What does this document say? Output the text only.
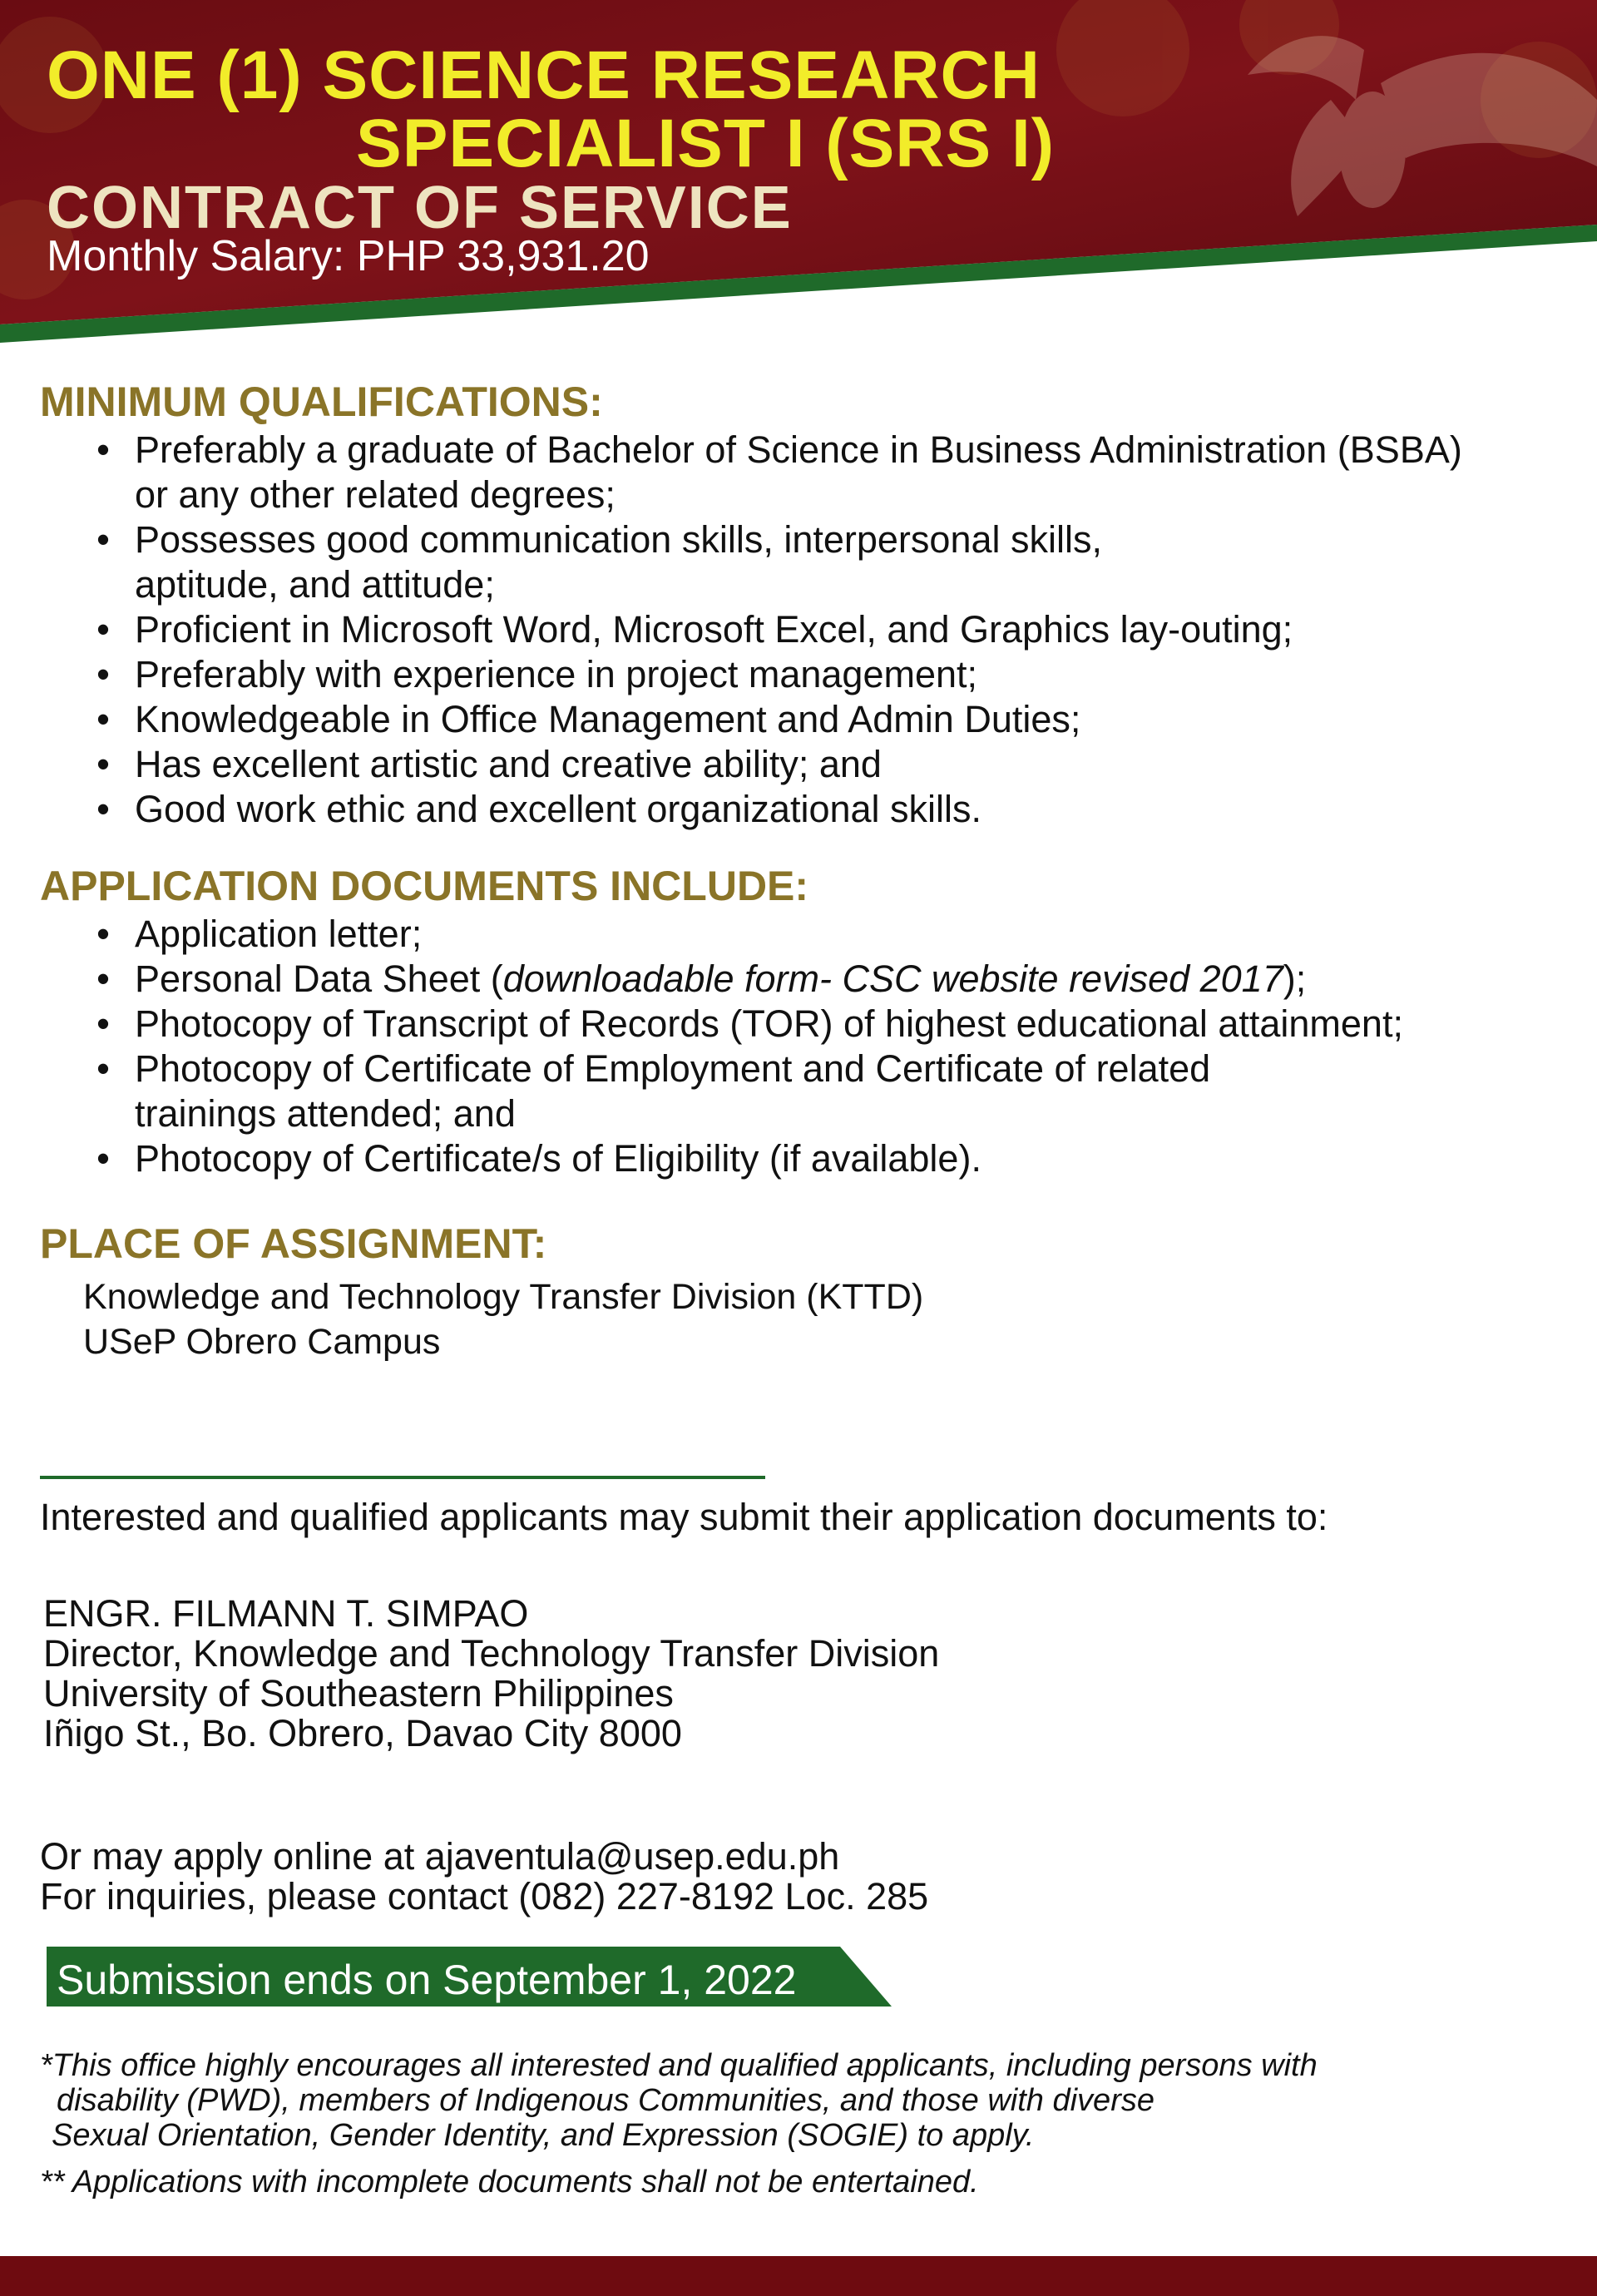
ONE (1) SCIENCE RESEARCH
SPECIALIST I (SRS I)
CONTRACT OF SERVICE
Monthly Salary: PHP 33,931.20
MINIMUM QUALIFICATIONS:
• Preferably a graduate of Bachelor of Science in Business Administration (BSBA) or any other related degrees;
• Possesses good communication skills, interpersonal skills, aptitude, and attitude;
• Proficient in Microsoft Word, Microsoft Excel, and Graphics lay-outing;
• Preferably with experience in project management;
• Knowledgeable in Office Management and Admin Duties;
• Has excellent artistic and creative ability; and
• Good work ethic and excellent organizational skills.
APPLICATION DOCUMENTS INCLUDE:
• Application letter;
• Personal Data Sheet (downloadable form- CSC website revised 2017);
• Photocopy of Transcript of Records (TOR) of highest educational attainment;
• Photocopy of Certificate of Employment and Certificate of related trainings attended; and
• Photocopy of Certificate/s of Eligibility (if available).
PLACE OF ASSIGNMENT:
Knowledge and Technology Transfer Division (KTTD)
USeP Obrero Campus
Interested and qualified applicants may submit their application documents to:
ENGR. FILMANN T. SIMPAO
Director, Knowledge and Technology Transfer Division
University of Southeastern Philippines
Iñigo St., Bo. Obrero, Davao City 8000
Or may apply online at ajaventula@usep.edu.ph
For inquiries, please contact (082) 227-8192 Loc. 285
Submission ends on September 1, 2022
*This office highly encourages all interested and qualified applicants, including persons with
disability (PWD), members of Indigenous Communities, and those with diverse
Sexual Orientation, Gender Identity, and Expression (SOGIE) to apply.
** Applications with incomplete documents shall not be entertained.
